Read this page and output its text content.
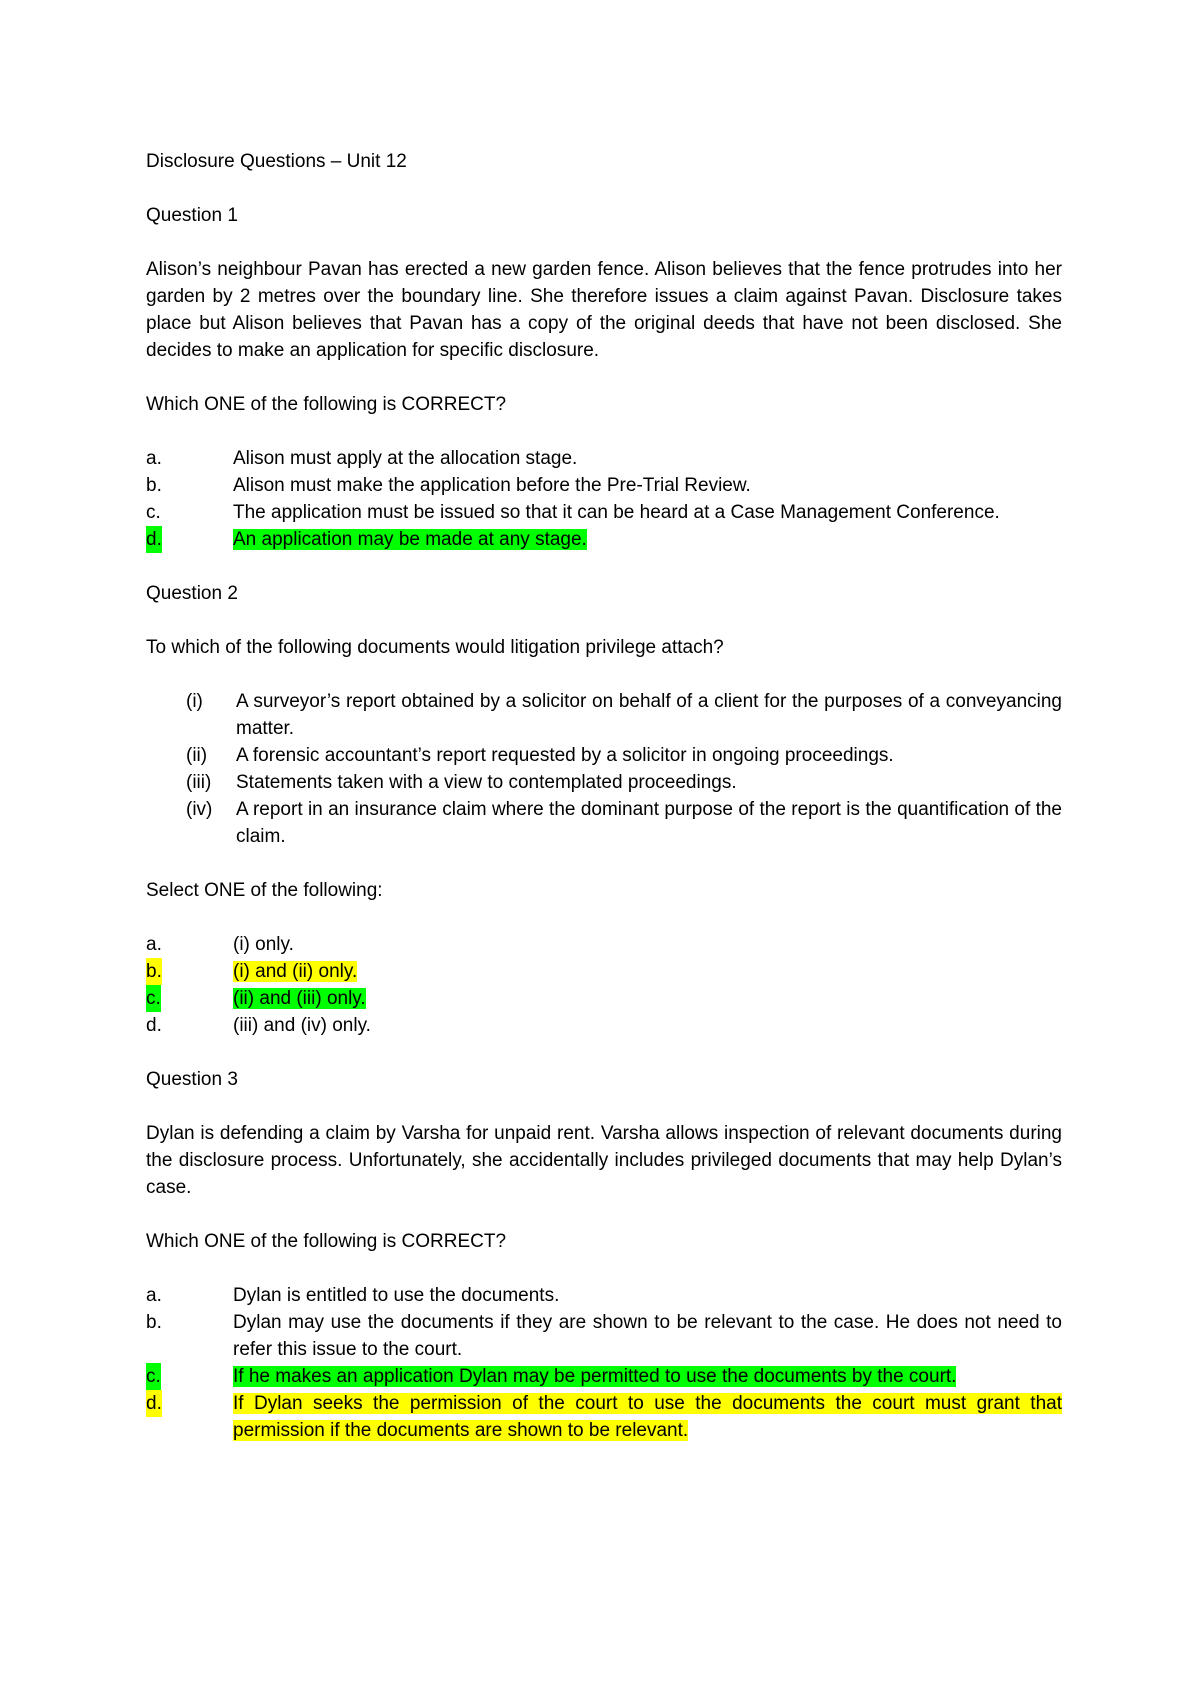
Disclosure Questions – Unit 12

Question 1

Alison’s neighbour Pavan has erected a new garden fence. Alison believes that the fence protrudes into her garden by 2 metres over the boundary line. She therefore issues a claim against Pavan. Disclosure takes place but Alison believes that Pavan has a copy of the original deeds that have not been disclosed. She decides to make an application for specific disclosure.

Which ONE of the following is CORRECT?

a.	Alison must apply at the allocation stage.
b.	Alison must make the application before the Pre-Trial Review.
c.	The application must be issued so that it can be heard at a Case Management Conference.
d.	An application may be made at any stage.

Question 2

To which of the following documents would litigation privilege attach?

(i)	A surveyor’s report obtained by a solicitor on behalf of a client for the purposes of a conveyancing matter.
(ii)	A forensic accountant’s report requested by a solicitor in ongoing proceedings.
(iii)	Statements taken with a view to contemplated proceedings.
(iv)	A report in an insurance claim where the dominant purpose of the report is the quantification of the claim.

Select ONE of the following:

a.	(i) only.
b.	(i) and (ii) only.
c.	(ii) and (iii) only.
d.	(iii) and (iv) only.

Question 3

Dylan is defending a claim by Varsha for unpaid rent. Varsha allows inspection of relevant documents during the disclosure process. Unfortunately, she accidentally includes privileged documents that may help Dylan’s case.

Which ONE of the following is CORRECT?

a.	Dylan is entitled to use the documents.
b.	Dylan may use the documents if they are shown to be relevant to the case. He does not need to refer this issue to the court.
c.	If he makes an application Dylan may be permitted to use the documents by the court.
d.	If Dylan seeks the permission of the court to use the documents the court must grant that permission if the documents are shown to be relevant.
